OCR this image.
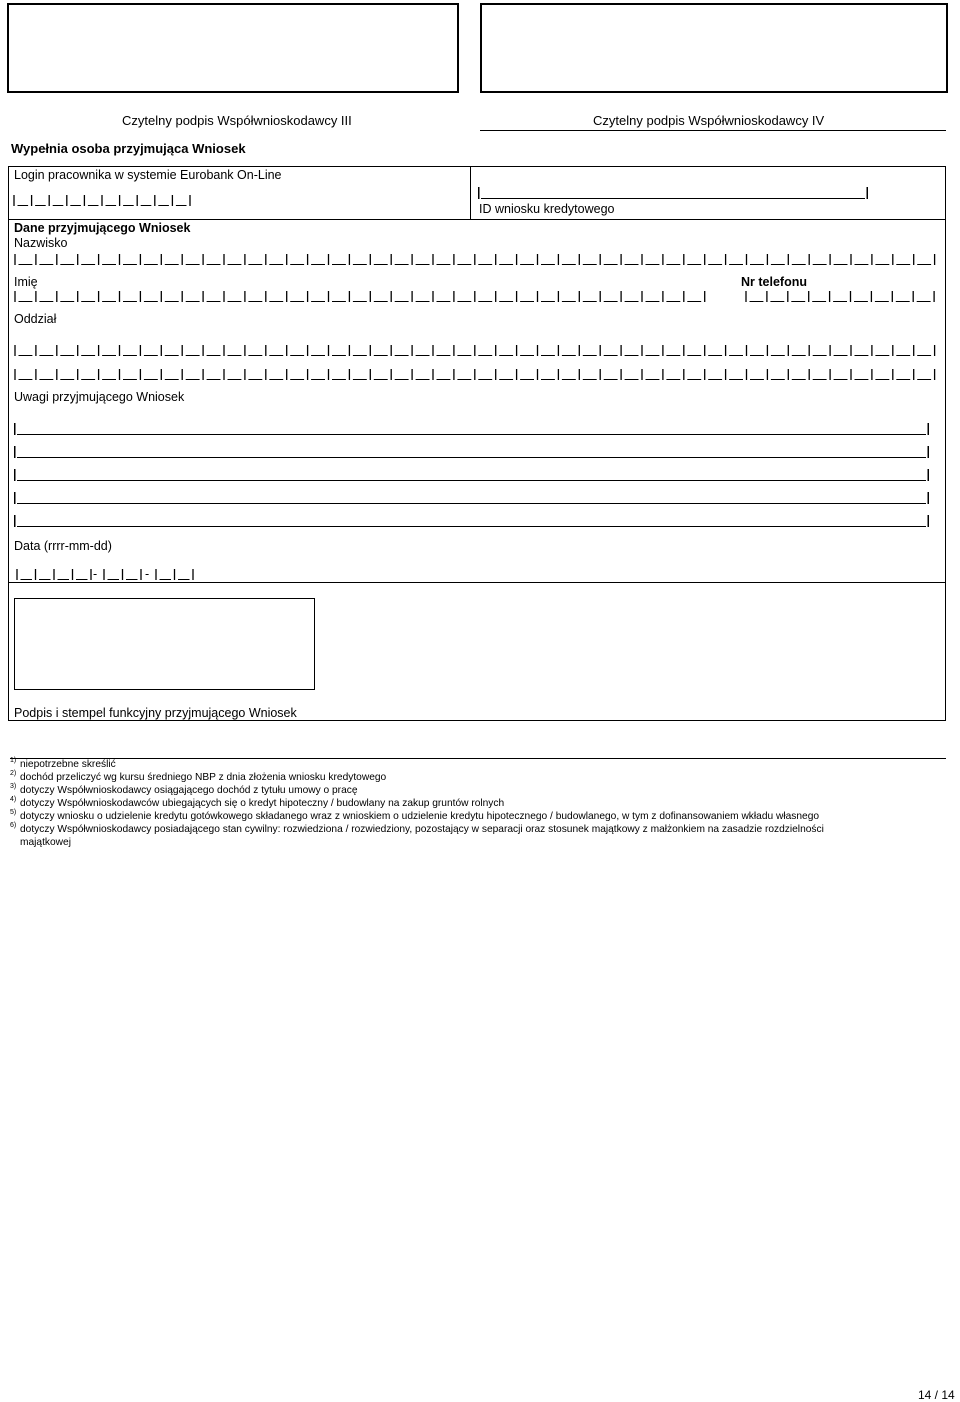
Czytelny podpis Współwnioskodawcy III	Czytelny podpis Współwnioskodawcy IV
Wypełnia osoba przyjmująca Wniosek
Login pracownika w systemie Eurobank On-Line
ID wniosku kredytowego
Dane przyjmującego Wniosek
Nazwisko
Imię	Nr telefonu
Oddział
Uwagi przyjmującego Wniosek
Data (rrrr-mm-dd)
-	-
Podpis i stempel funkcyjny przyjmującego Wniosek
1) niepotrzebne skreślić
2) dochód przeliczyć wg kursu średniego NBP z dnia złożenia wniosku kredytowego
3) dotyczy Współwnioskodawcy osiągającego dochód z tytułu umowy o pracę
4) dotyczy Współwnioskodawców ubiegających się o kredyt hipoteczny / budowlany na zakup gruntów rolnych
5) dotyczy wniosku o udzielenie kredytu gotówkowego składanego wraz z wnioskiem o udzielenie kredytu hipotecznego / budowlanego, w tym z dofinansowaniem wkładu własnego
6) dotyczy Współwnioskodawcy posiadającego stan cywilny: rozwiedziona / rozwiedziony, pozostający w separacji oraz stosunek majątkowy z małżonkiem na zasadzie rozdzielności
majątkowej
14 / 14
